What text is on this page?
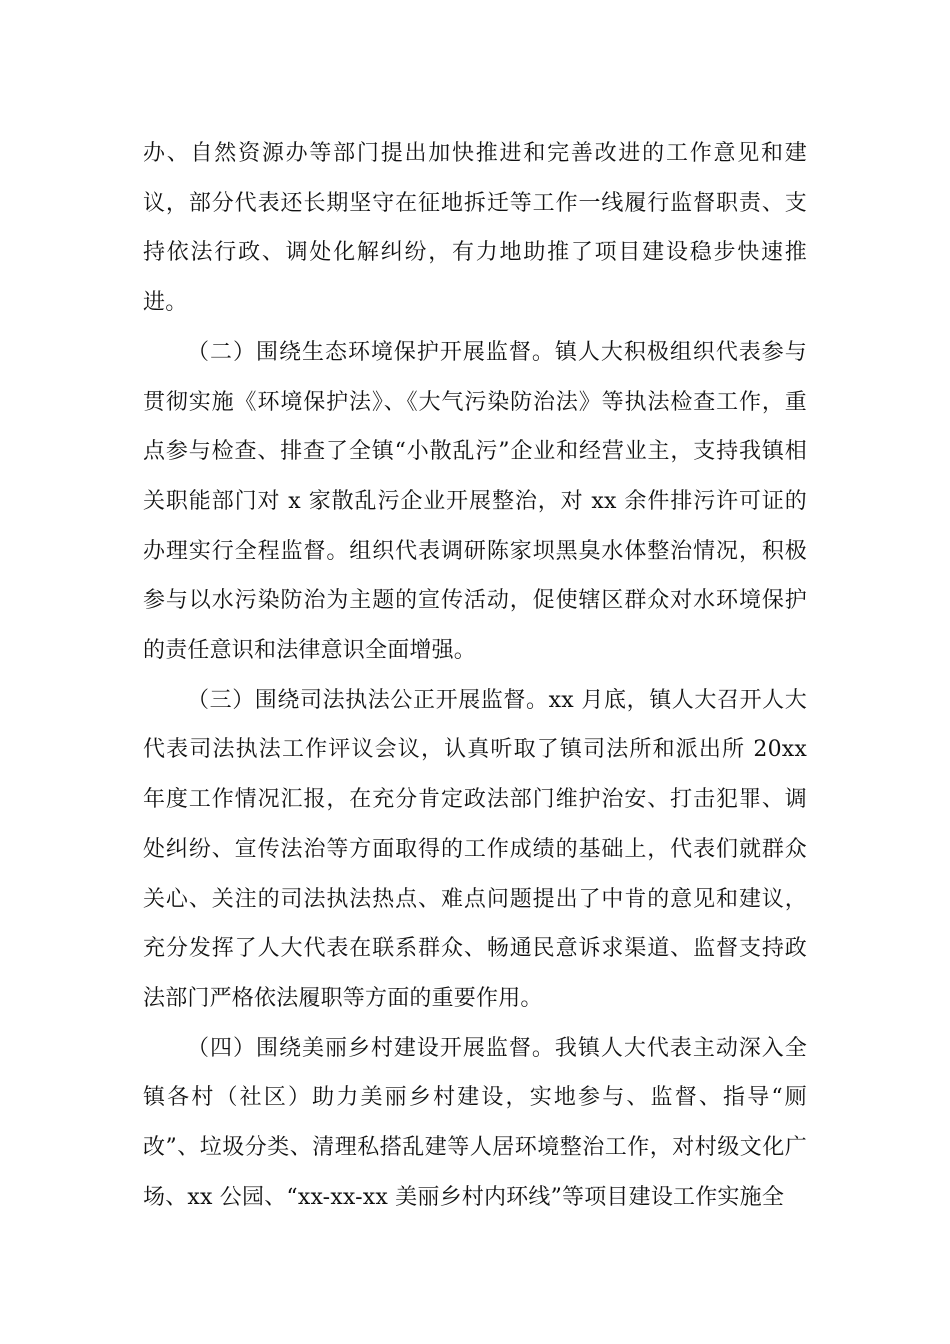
办、自然资源办等部门提出加快推进和完善改进的工作意见和建议，部分代表还长期坚守在征地拆迁等工作一线履行监督职责、支持依法行政、调处化解纠纷，有力地助推了项目建设稳步快速推进。

（二）围绕生态环境保护开展监督。镇人大积极组织代表参与贯彻实施《环境保护法》、《大气污染防治法》等执法检查工作，重点参与检查、排查了全镇“小散乱污”企业和经营业主，支持我镇相关职能部门对 x 家散乱污企业开展整治，对 xx 余件排污许可证的办理实行全程监督。组织代表调研陈家坝黑臭水体整治情况，积极参与以水污染防治为主题的宣传活动，促使辖区群众对水环境保护的责任意识和法律意识全面增强。

（三）围绕司法执法公正开展监督。xx 月底，镇人大召开人大代表司法执法工作评议会议，认真听取了镇司法所和派出所 20xx 年度工作情况汇报，在充分肯定政法部门维护治安、打击犯罪、调处纠纷、宣传法治等方面取得的工作成绩的基础上，代表们就群众关心、关注的司法执法热点、难点问题提出了中肯的意见和建议，充分发挥了人大代表在联系群众、畅通民意诉求渠道、监督支持政法部门严格依法履职等方面的重要作用。

（四）围绕美丽乡村建设开展监督。我镇人大代表主动深入全镇各村（社区）助力美丽乡村建设，实地参与、监督、指导“厕改”、垃圾分类、清理私搭乱建等人居环境整治工作，对村级文化广场、xx 公园、“xx-xx-xx 美丽乡村内环线”等项目建设工作实施全
